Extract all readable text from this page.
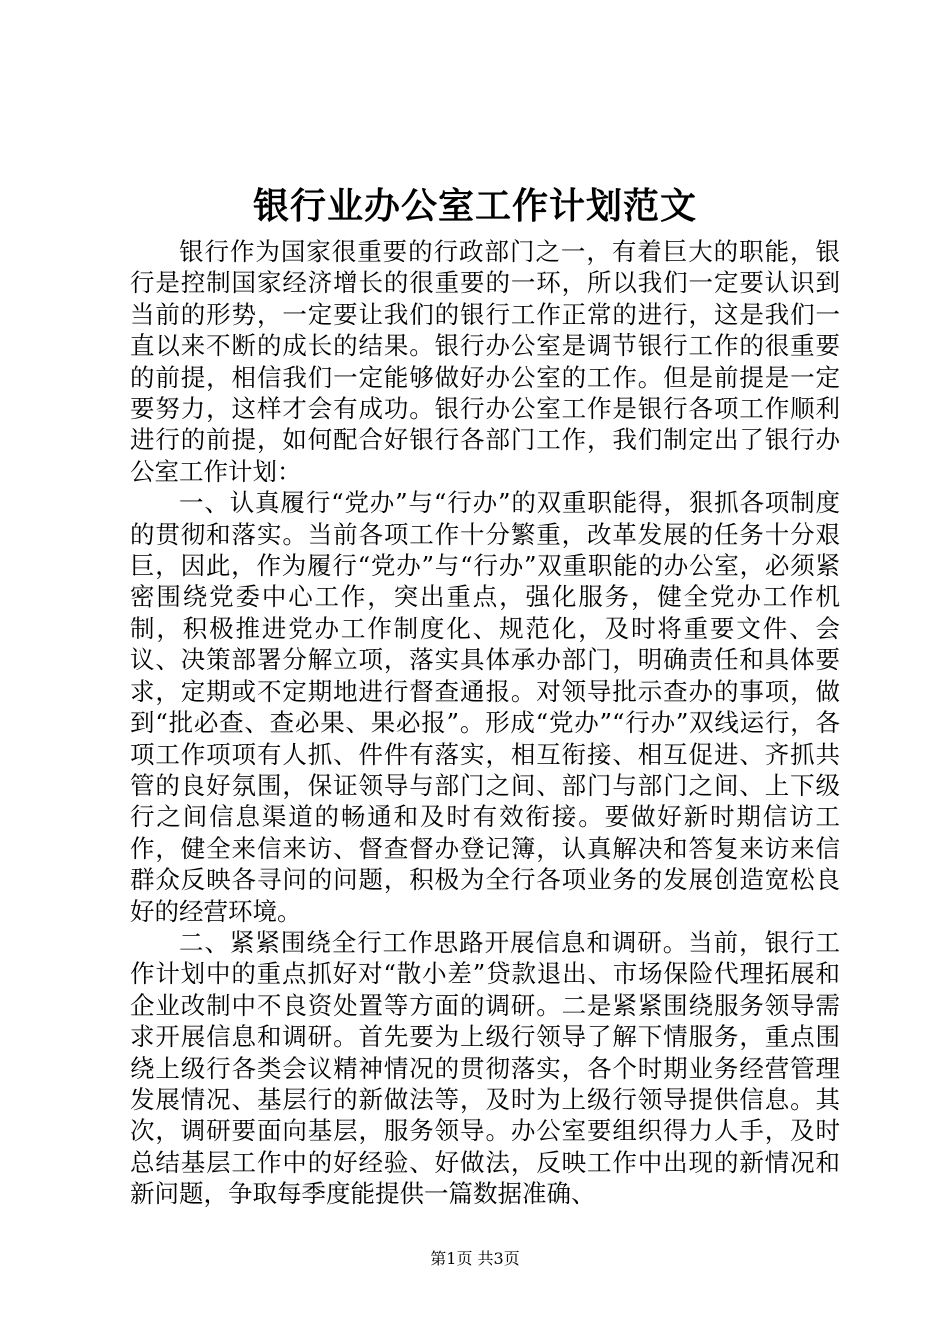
银行业办公室工作计划范文

银行作为国家很重要的行政部门之一，有着巨大的职能，银行是控制国家经济增长的很重要的一环，所以我们一定要认识到当前的形势，一定要让我们的银行工作正常的进行，这是我们一直以来不断的成长的结果。银行办公室是调节银行工作的很重要的前提，相信我们一定能够做好办公室的工作。但是前提是一定要努力，这样才会有成功。银行办公室工作是银行各项工作顺利进行的前提，如何配合好银行各部门工作，我们制定出了银行办公室工作计划：

一、认真履行“党办”与“行办”的双重职能得，狠抓各项制度的贯彻和落实。当前各项工作十分繁重，改革发展的任务十分艰巨，因此，作为履行“党办”与“行办”双重职能的办公室，必须紧密围绕党委中心工作，突出重点，强化服务，健全党办工作机制，积极推进党办工作制度化、规范化，及时将重要文件、会议、决策部署分解立项，落实具体承办部门，明确责任和具体要求，定期或不定期地进行督查通报。对领导批示查办的事项，做到“批必查、查必果、果必报”。形成“党办”“行办”双线运行，各项工作项项有人抓、件件有落实，相互衔接、相互促进、齐抓共管的良好氛围，保证领导与部门之间、部门与部门之间、上下级行之间信息渠道的畅通和及时有效衔接。要做好新时期信访工作，健全来信来访、督查督办登记簿，认真解决和答复来访来信群众反映各寻问的问题，积极为全行各项业务的发展创造宽松良好的经营环境。

二、紧紧围绕全行工作思路开展信息和调研。当前，银行工作计划中的重点抓好对“散小差”贷款退出、市场保险代理拓展和企业改制中不良资处置等方面的调研。二是紧紧围绕服务领导需求开展信息和调研。首先要为上级行领导了解下情服务，重点围绕上级行各类会议精神情况的贯彻落实，各个时期业务经营管理发展情况、基层行的新做法等，及时为上级行领导提供信息。其次，调研要面向基层，服务领导。办公室要组织得力人手，及时总结基层工作中的好经验、好做法，反映工作中出现的新情况和新问题，争取每季度能提供一篇数据准确、

第1页 共3页
